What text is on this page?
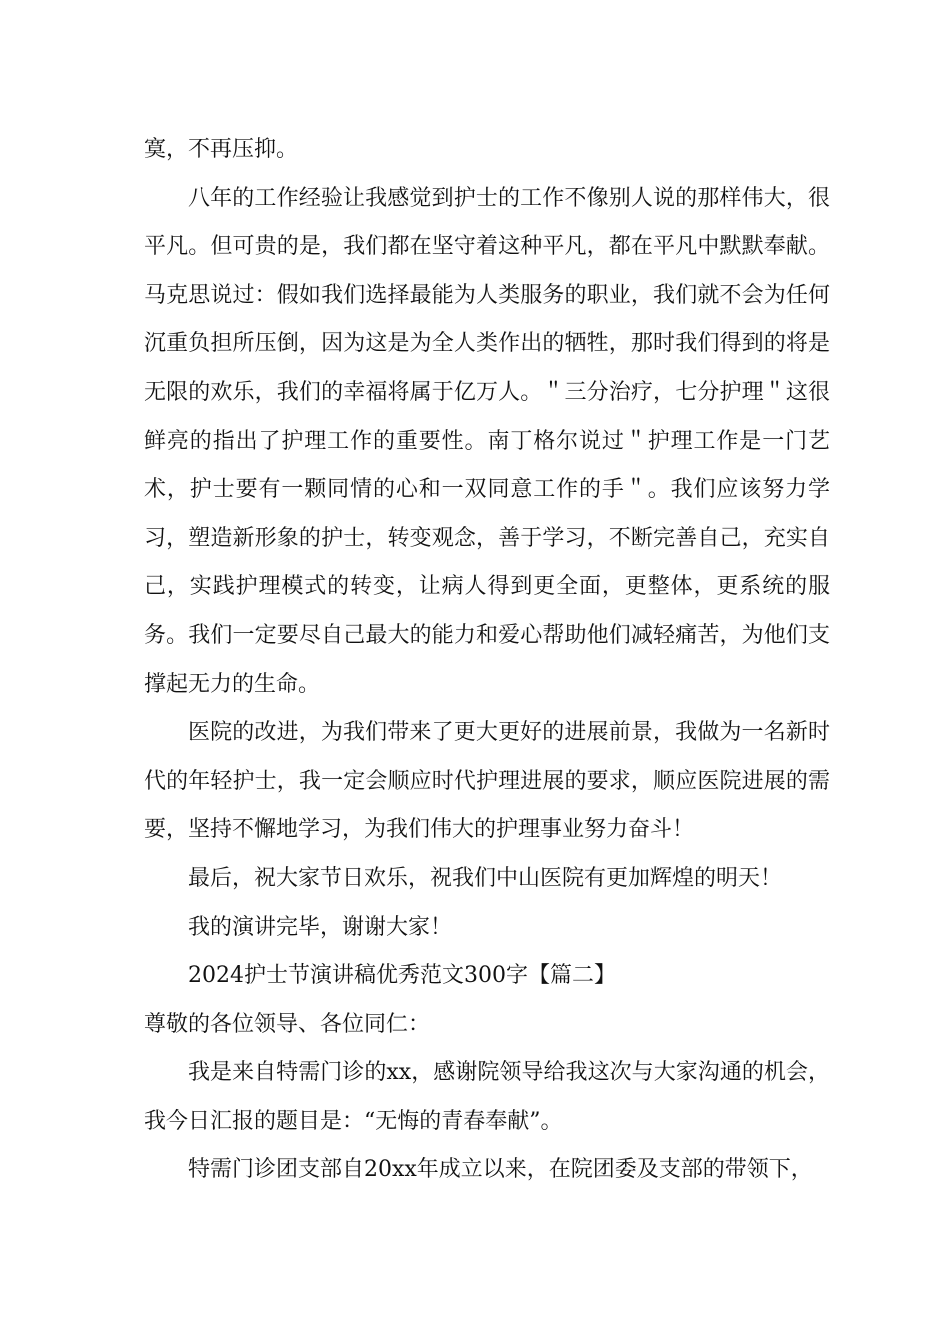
寞，不再压抑。

八年的工作经验让我感觉到护士的工作不像别人说的那样伟大，很平凡。但可贵的是，我们都在坚守着这种平凡，都在平凡中默默奉献。马克思说过：假如我们选择最能为人类服务的职业，我们就不会为任何沉重负担所压倒，因为这是为全人类作出的牺牲，那时我们得到的将是无限的欢乐，我们的幸福将属于亿万人。＂三分治疗，七分护理＂这很鲜亮的指出了护理工作的重要性。南丁格尔说过＂护理工作是一门艺术，护士要有一颗同情的心和一双同意工作的手＂。我们应该努力学习，塑造新形象的护士，转变观念，善于学习，不断完善自己，充实自己，实践护理模式的转变，让病人得到更全面，更整体，更系统的服务。我们一定要尽自己最大的能力和爱心帮助他们减轻痛苦，为他们支撑起无力的生命。

医院的改进，为我们带来了更大更好的进展前景，我做为一名新时代的年轻护士，我一定会顺应时代护理进展的要求，顺应医院进展的需要，坚持不懈地学习，为我们伟大的护理事业努力奋斗！

最后，祝大家节日欢乐，祝我们中山医院有更加辉煌的明天！

我的演讲完毕，谢谢大家！

2024护士节演讲稿优秀范文300字【篇二】

尊敬的各位领导、各位同仁：

我是来自特需门诊的xx，感谢院领导给我这次与大家沟通的机会，我今日汇报的题目是：“无悔的青春奉献”。

特需门诊团支部自20xx年成立以来，在院团委及支部的带领下，
